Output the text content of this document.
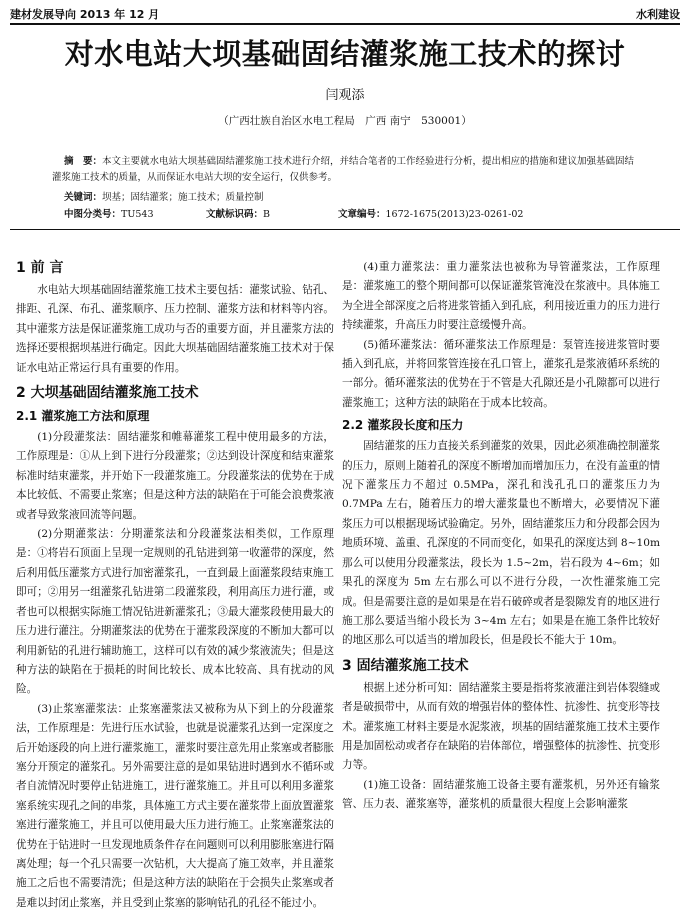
建材发展导向 2013 年 12 月	水利建设
对水电站大坝基础固结灌浆施工技术的探讨
闫观添
（广西壮族自治区水电工程局　广西 南宁　530001）
摘　要：本文主要就水电站大坝基础固结灌浆施工技术进行介绍，并结合笔者的工作经验进行分析，提出相应的措施和建议加强基础固结灌浆施工技术的质量，从而保证水电站大坝的安全运行，仅供参考。
关键词：坝基；固结灌浆；施工技术；质量控制
中图分类号：TU543	文献标识码：B	文章编号：1672-1675(2013)23-0261-02
1 前 言

水电站大坝基础固结灌浆施工技术主要包括：灌浆试验、钻孔、排距、孔深、布孔、灌浆顺序、压力控制、灌浆方法和材料等内容。其中灌浆方法是保证灌浆施工成功与否的重要方面，并且灌浆方法的选择还要根据坝基进行确定。因此大坝基础固结灌浆施工技术对于保证水电站正常运行具有重要的作用。

2 大坝基础固结灌浆施工技术
2.1 灌浆施工方法和原理

(1)分段灌浆法：固结灌浆和帷幕灌浆工程中使用最多的方法，工作原理是：①从上到下进行分段灌浆；②达到设计深度和结束灌浆标准时结束灌浆，并开始下一段灌浆施工。分段灌浆法的优势在于成本比较低、不需要止浆塞；但是这种方法的缺陷在于可能会浪费浆液或者导致浆液回流等问题。

(2)分期灌浆法：分期灌浆法和分段灌浆法相类似，工作原理是：①将岩石顶面上呈现一定规则的孔钻进到第一收灌带的深度，然后利用低压灌浆方式进行加密灌浆孔，一直到最上面灌浆段结束施工即可；②用另一组灌浆孔钻进第二段灌浆段，利用高压力进行灌，或者也可以根据实际施工情况钻进新灌浆孔；③最大灌浆段使用最大的压力进行灌注。分期灌浆法的优势在于灌浆段深度的不断加大都可以利用新钻的孔进行辅助施工，这样可以有效的减少浆液流失；但是这种方法的缺陷在于损耗的时间比较长、成本比较高、具有扰动的风险。

(3)止浆塞灌浆法：止浆塞灌浆法又被称为从下到上的分段灌浆法，工作原理是：先进行压水试验，也就是说灌浆孔达到一定深度之后开始逐段的向上进行灌浆施工，灌浆时要注意先用止浆塞或者膨胀塞分开预定的灌浆孔。另外需要注意的是如果钻进时遇到水不循环或者自流情况时要停止钻进施工，进行灌浆施工。并且可以利用多灌浆塞系统实现孔之间的串浆，具体施工方式主要在灌浆带上面放置灌浆塞进行灌浆施工，并且可以使用最大压力进行施工。止浆塞灌浆法的优势在于钻进时一旦发现地质条件存在问题则可以利用膨胀塞进行隔离处理；每一个孔只需要一次钻机，大大提高了施工效率，并且灌浆施工之后也不需要清洗；但是这种方法的缺陷在于会损失止浆塞或者是难以封闭止浆塞，并且受到止浆塞的影响钻孔的孔径不能过小。

(4)重力灌浆法：重力灌浆法也被称为导管灌浆法，工作原理是：灌浆施工的整个期间都可以保证灌浆管淹没在浆液中。具体施工为全进全部深度之后将进浆管插入到孔底，利用接近重力的压力进行持续灌浆，升高压力时要注意缓慢升高。

(5)循环灌浆法：循环灌浆法工作原理是：泵管连接进浆管时要插入到孔底，并将回浆管连接在孔口管上，灌浆孔是浆液循环系统的一部分。循环灌浆法的优势在于不管是大孔隙还是小孔隙都可以进行灌浆施工；这种方法的缺陷在于成本比较高。

2.2 灌浆段长度和压力

固结灌浆的压力直接关系到灌浆的效果，因此必须准确控制灌浆的压力，原则上随着孔的深度不断增加而增加压力，在没有盖重的情况下灌浆压力不超过 0.5MPa，深孔和浅孔孔口的灌浆压力为 0.7MPa 左右，随着压力的增大灌浆量也不断增大，必要情况下灌浆压力可以根据现场试验确定。另外，固结灌浆压力和分段都会因为地质环境、盖重、孔深度的不同而变化，如果孔的深度达到 8~10m 那么可以使用分段灌浆法，段长为 1.5~2m，岩石段为 4~6m；如果孔的深度为 5m 左右那么可以不进行分段，一次性灌浆施工完成。但是需要注意的是如果是在岩石破碎或者是裂隙发育的地区进行施工那么要适当缩小段长为 3~4m 左右；如果是在施工条件比较好的地区那么可以适当的增加段长，但是段长不能大于 10m。

3 固结灌浆施工技术

根据上述分析可知：固结灌浆主要是指将浆液灌注到岩体裂缝或者是破损带中，从而有效的增强岩体的整体性、抗渗性、抗变形等技术。灌浆施工材料主要是水泥浆液，坝基的固结灌浆施工技术主要作用是加固松动或者存在缺陷的岩体部位，增强整体的抗渗性、抗变形力等。

(1)施工设备：固结灌浆施工设备主要有灌浆机，另外还有输浆管、压力表、灌浆塞等，灌浆机的质量很大程度上会影响灌浆
